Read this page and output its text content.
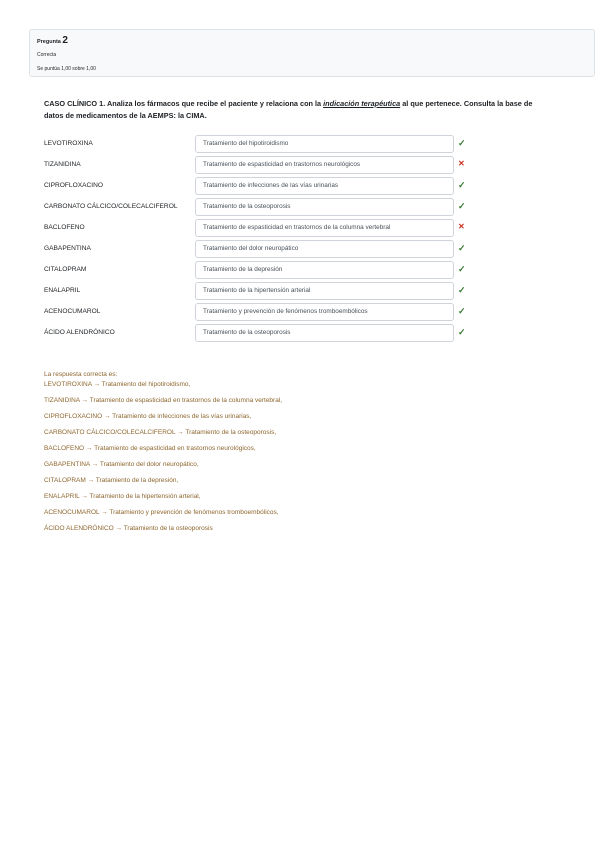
Pregunta 2
Correcta
Se puntúa 1,00 sobre 1,00
CASO CLÍNICO 1. Analiza los fármacos que recibe el paciente y relaciona con la indicación terapéutica al que pertenece. Consulta la base de datos de medicamentos de la AEMPS: la CIMA.
LEVOTIROXINA	Tratamiento del hipotiroidismo	✓
TIZANIDINA	Tratamiento de espasticidad en trastornos neurológicos	✕
CIPROFLOXACINO	Tratamiento de infecciones de las vías urinarias	✓
CARBONATO CÁLCICO/COLECALCIFEROL	Tratamiento de la osteoporosis	✓
BACLOFENO	Tratamiento de espasticidad en trastornos de la columna vertebral	✕
GABAPENTINA	Tratamiento del dolor neuropático	✓
CITALOPRAM	Tratamiento de la depresión	✓
ENALAPRIL	Tratamiento de la hipertensión arterial	✓
ACENOCUMAROL	Tratamiento y prevención de fenómenos tromboembólicos	✓
ÁCIDO ALENDRÓNICO	Tratamiento de la osteoporosis	✓
La respuesta correcta es:
LEVOTIROXINA → Tratamiento del hipotiroidismo,
TIZANIDINA → Tratamiento de espasticidad en trastornos de la columna vertebral,
CIPROFLOXACINO → Tratamiento de infecciones de las vías urinarias,
CARBONATO CÁLCICO/COLECALCIFEROL → Tratamiento de la osteoporosis,
BACLOFENO → Tratamiento de espasticidad en trastornos neurológicos,
GABAPENTINA → Tratamiento del dolor neuropático,
CITALOPRAM → Tratamiento de la depresión,
ENALAPRIL → Tratamiento de la hipertensión arterial,
ACENOCUMAROL → Tratamiento y prevención de fenómenos tromboembólicos,
ÁCIDO ALENDRÓNICO → Tratamiento de la osteoporosis
